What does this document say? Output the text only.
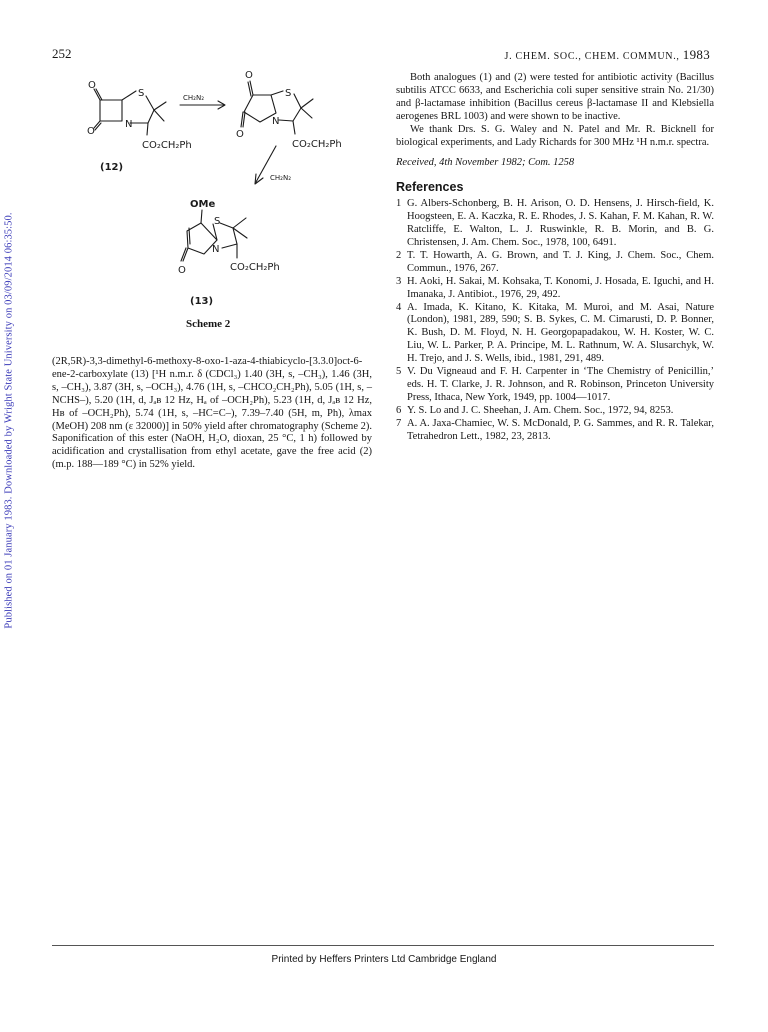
Published on 01 January 1983. Downloaded by Wright State University on 03/09/2014 06:35:50.
252	J. CHEM. SOC., CHEM. COMMUN., 1983
O
O
S
N
O
O
S
N
S
N
O
CH₂N₂
CH₂N₂
CO₂CH₂Ph	CO₂CH₂Ph
CO₂CH₂Ph
(12)
OMe
(13)
Scheme 2

(2R,5R)-3,3-dimethyl-6-methoxy-8-oxo-1-aza-4-thiabicyclo-[3.3.0]oct-6-ene-2-carboxylate (13) [¹H n.m.r. δ (CDCl₃) 1.40 (3H, s, –CH₃), 1.46 (3H, s, –CH₃), 3.87 (3H, s, –OCH₃), 4.76 (1H, s, –CHCO₂CH₂Ph), 5.05 (1H, s, –NCHS–), 5.20 (1H, d, Jₐʙ 12 Hz, Hₐ of –OCH₂Ph), 5.23 (1H, d, Jₐʙ 12 Hz, Hʙ of –OCH₂Ph), 5.74 (1H, s, –HC=C–), 7.39–7.40 (5H, m, Ph), λmax (MeOH) 208 nm (ε 32000)] in 50% yield after chromatography (Scheme 2). Saponification of this ester (NaOH, H₂O, dioxan, 25 °C, 1 h) followed by acidification and crystallisation from ethyl acetate, gave the free acid (2) (m.p. 188—189 °C) in 52% yield.

Both analogues (1) and (2) were tested for antibiotic activity (Bacillus subtilis ATCC 6633, and Escherichia coli super sensitive strain No. 21/30) and β-lactamase inhibition (Bacillus cereus β-lactamase II and Klebsiella aerogenes BRL 1003) and were shown to be inactive.

We thank Drs. S. G. Waley and N. Patel and Mr. R. Bicknell for biological experiments, and Lady Richards for 300 MHz ¹H n.m.r. spectra.

Received, 4th November 1982; Com. 1258

References
1 G. Albers-Schonberg, B. H. Arison, O. D. Hensens, J. Hirsch-field, K. Hoogsteen, E. A. Kaczka, R. E. Rhodes, J. S. Kahan, F. M. Kahan, R. W. Ratcliffe, E. Walton, L. J. Ruswinkle, R. B. Morin, and B. G. Christensen, J. Am. Chem. Soc., 1978, 100, 6491.
2 T. T. Howarth, A. G. Brown, and T. J. King, J. Chem. Soc., Chem. Commun., 1976, 267.
3 H. Aoki, H. Sakai, M. Kohsaka, T. Konomi, J. Hosada, E. Iguchi, and H. Imanaka, J. Antibiot., 1976, 29, 492.
4 A. Imada, K. Kitano, K. Kitaka, M. Muroi, and M. Asai, Nature (London), 1981, 289, 590; S. B. Sykes, C. M. Cimarusti, D. P. Bonner, K. Bush, D. M. Floyd, N. H. Georgopapadakou, W. H. Koster, W. C. Liu, W. L. Parker, P. A. Principe, M. L. Rathnum, W. A. Slusarchyk, W. H. Trejo, and J. S. Wells, ibid., 1981, 291, 489.
5 V. Du Vigneaud and F. H. Carpenter in ‘The Chemistry of Penicillin,’ eds. H. T. Clarke, J. R. Johnson, and R. Robinson, Princeton University Press, Ithaca, New York, 1949, pp. 1004—1017.
6 Y. S. Lo and J. C. Sheehan, J. Am. Chem. Soc., 1972, 94, 8253.
7 A. A. Jaxa-Chamiec, W. S. McDonald, P. G. Sammes, and R. R. Talekar, Tetrahedron Lett., 1982, 23, 2813.
Printed by Heffers Printers Ltd Cambridge England
